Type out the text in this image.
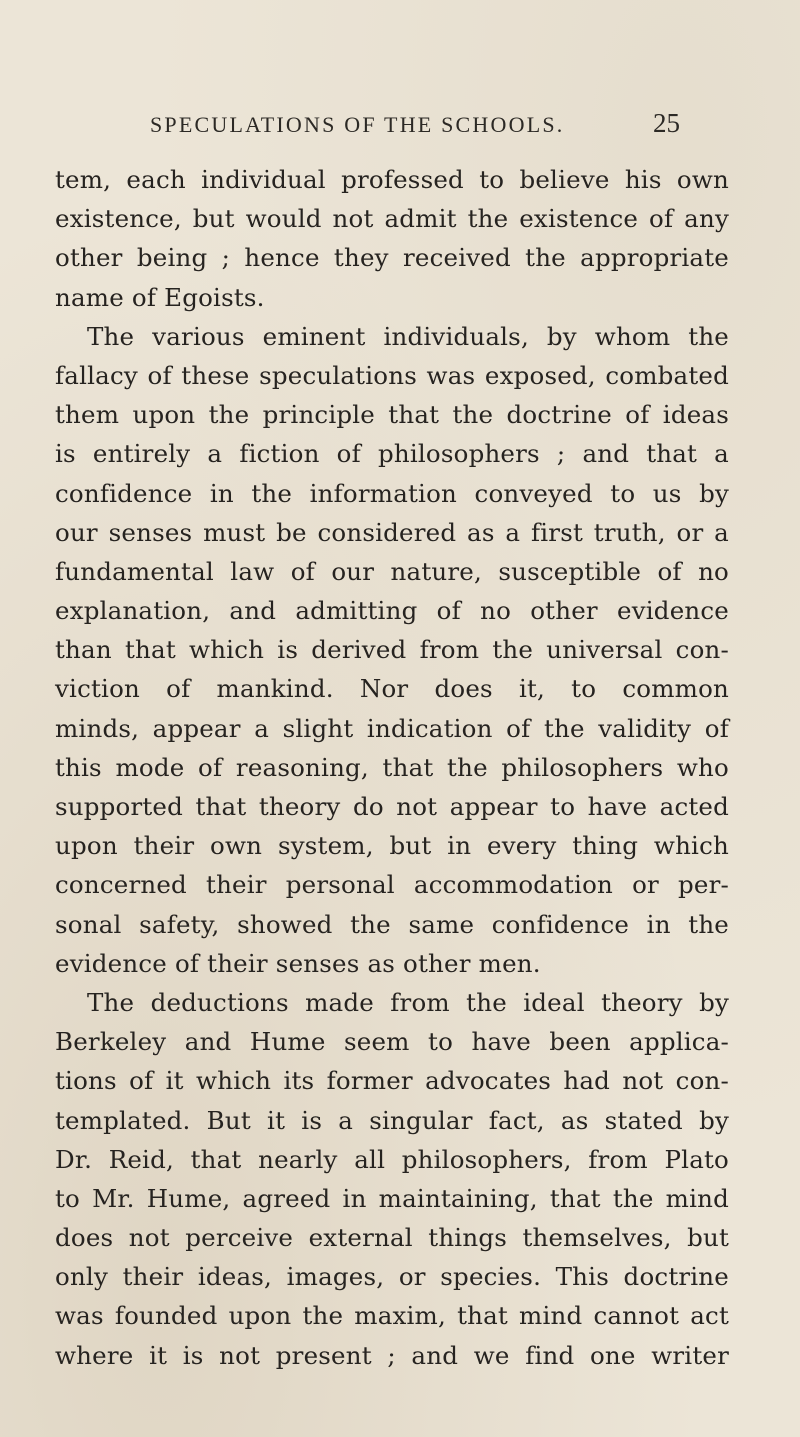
SPECULATIONS OF THE SCHOOLS.	25
tem, each individual professed to believe his own
existence, but would not admit the existence of any
other being ; hence they received the appropriate
name of Egoists.
The various eminent individuals, by whom the
fallacy of these speculations was exposed, combated
them upon the principle that the doctrine of ideas
is entirely a fiction of philosophers ; and that a
confidence in the information conveyed to us by
our senses must be considered as a first truth, or a
fundamental law of our nature, susceptible of no
explanation, and admitting of no other evidence
than that which is derived from the universal con-
viction of mankind. Nor does it, to common
minds, appear a slight indication of the validity of
this mode of reasoning, that the philosophers who
supported that theory do not appear to have acted
upon their own system, but in every thing which
concerned their personal accommodation or per-
sonal safety, showed the same confidence in the
evidence of their senses as other men.
The deductions made from the ideal theory by
Berkeley and Hume seem to have been applica-
tions of it which its former advocates had not con-
templated. But it is a singular fact, as stated by
Dr. Reid, that nearly all philosophers, from Plato
to Mr. Hume, agreed in maintaining, that the mind
does not perceive external things themselves, but
only their ideas, images, or species. This doctrine
was founded upon the maxim, that mind cannot act
where it is not present ; and we find one writer
